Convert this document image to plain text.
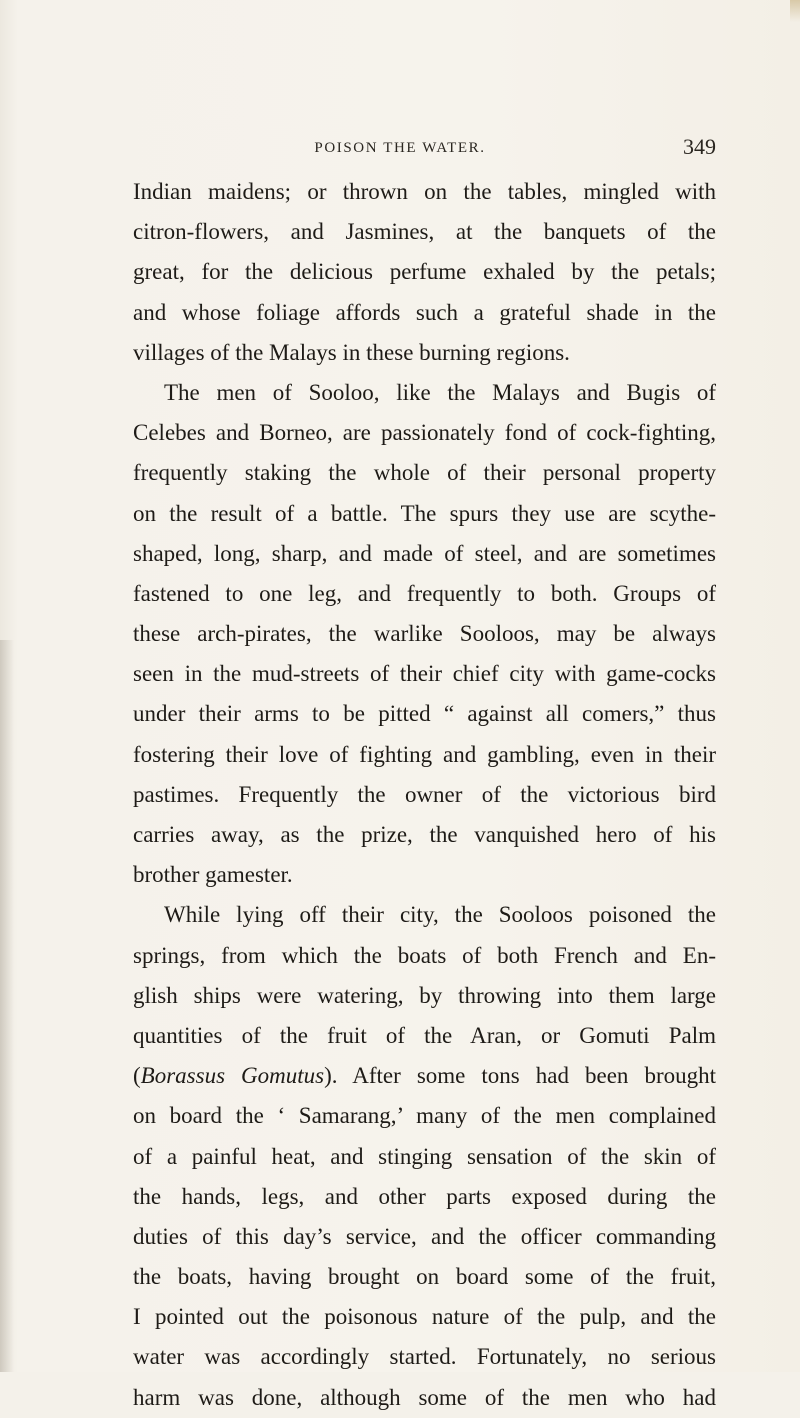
POISON THE WATER.	349
Indian maidens; or thrown on the tables, mingled with
citron-flowers, and Jasmines, at the banquets of the
great, for the delicious perfume exhaled by the petals;
and whose foliage affords such a grateful shade in the
villages of the Malays in these burning regions.
The men of Sooloo, like the Malays and Bugis of
Celebes and Borneo, are passionately fond of cock-fighting,
frequently staking the whole of their personal property
on the result of a battle. The spurs they use are scythe-
shaped, long, sharp, and made of steel, and are sometimes
fastened to one leg, and frequently to both. Groups of
these arch-pirates, the warlike Sooloos, may be always
seen in the mud-streets of their chief city with game-cocks
under their arms to be pitted “ against all comers,” thus
fostering their love of fighting and gambling, even in their
pastimes. Frequently the owner of the victorious bird
carries away, as the prize, the vanquished hero of his
brother gamester.
While lying off their city, the Sooloos poisoned the
springs, from which the boats of both French and En-
glish ships were watering, by throwing into them large
quantities of the fruit of the Aran, or Gomuti Palm
(Borassus Gomutus). After some tons had been brought
on board the ‘ Samarang,’ many of the men complained
of a painful heat, and stinging sensation of the skin of
the hands, legs, and other parts exposed during the
duties of this day’s service, and the officer commanding
the boats, having brought on board some of the fruit,
I pointed out the poisonous nature of the pulp, and the
water was accordingly started. Fortunately, no serious
harm was done, although some of the men who had
